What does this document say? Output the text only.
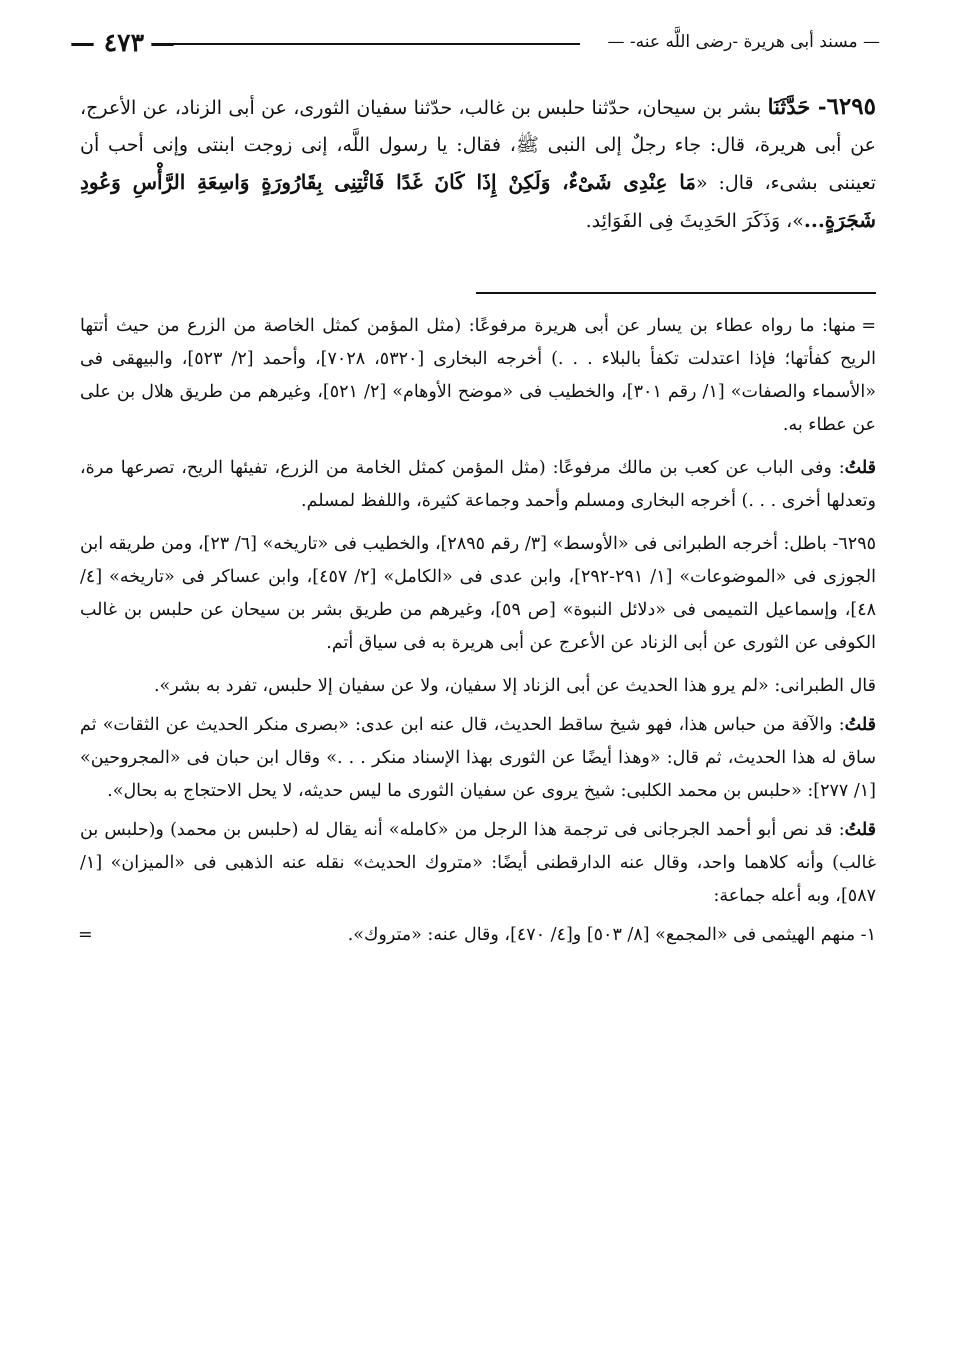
—٤٧٣ —	— مسند أبى هريرة -رضى اللَّه عنه- —
٦٢٩٥- حَدَّثَنَا بشر بن سيحان، حدّثنا حلبس بن غالب، حدّثنا سفيان الثورى، عن أبى الزناد، عن الأعرج، عن أبى هريرة، قال: جاء رجلٌ إلى النبى ﷺ، فقال: يا رسول اللَّه، إنى زوجت ابنتى وإنى أحب أن تعيننى بشىء، قال: «مَا عِنْدِى شَىْءٌ، وَلَكِنْ إِذَا كَانَ غَدًا فَائْتِنِى بِقَارُورَةٍ وَاسِعَةِ الرَّأْسِ وَعُودِ شَجَرَةٍ...»، وَذَكَرَ الحَدِيثَ فِى الفَوَائِد.

=منها: ما رواه عطاء بن يسار عن أبى هريرة مرفوعًا: (مثل المؤمن كمثل الخاصة من الزرع من حيث أتتها الريح كفأتها؛ فإذا اعتدلت تكفأ بالبلاء . . .) أخرجه البخارى [٥٣٢٠، ٧٠٢٨]، وأحمد [٢/ ٥٢٣]، والبيهقى فى «الأسماء والصفات» [١/ رقم ٣٠١]، والخطيب فى «موضح الأوهام» [٢/ ٥٢١]، وغيرهم من طريق هلال بن على عن عطاء به.

قلتُ: وفى الباب عن كعب بن مالك مرفوعًا: (مثل المؤمن كمثل الخامة من الزرع، تفيئها الريح، تصرعها مرة، وتعدلها أخرى . . .) أخرجه البخارى ومسلم وأحمد وجماعة كثيرة، واللفظ لمسلم.

٦٢٩٥- باطل: أخرجه الطبرانى فى «الأوسط» [٣/ رقم ٢٨٩٥]، والخطيب فى «تاريخه» [٦/ ٢٣]، ومن طريقه ابن الجوزى فى «الموضوعات» [١/ ٢٩١-٢٩٢]، وابن عدى فى «الكامل» [٢/ ٤٥٧]، وابن عساكر فى «تاريخه» [٤/ ٤٨]، وإسماعيل التميمى فى «دلائل النبوة» [ص ٥٩]، وغيرهم من طريق بشر بن سيحان عن حلبس بن غالب الكوفى عن الثورى عن أبى الزناد عن الأعرج عن أبى هريرة به فى سياق أتم.

قال الطبرانى: «لم يرو هذا الحديث عن أبى الزناد إلا سفيان، ولا عن سفيان إلا حلبس، تفرد به بشر».

قلتُ: والآفة من حباس هذا، فهو شيخ ساقط الحديث، قال عنه ابن عدى: «بصرى منكر الحديث عن الثقات» ثم ساق له هذا الحديث، ثم قال: «وهذا أيضًا عن الثورى بهذا الإسناد منكر . . .» وقال ابن حبان فى «المجروحين» [١/ ٢٧٧]: «حلبس بن محمد الكلبى: شيخ يروى عن سفيان الثورى ما ليس حديثه، لا يحل الاحتجاج به بحال».

قلتُ: قد نص أبو أحمد الجرجانى فى ترجمة هذا الرجل من «كامله» أنه يقال له (حلبس بن محمد) و(حلبس بن غالب) وأنه كلاهما واحد، وقال عنه الدارقطنى أيضًا: «متروك الحديث» نقله عنه الذهبى فى «الميزان» [١/ ٥٨٧]، وبه أعله جماعة:

١- منهم الهيثمى فى «المجمع» [٨/ ٥٠٣] و[٤/ ٤٧٠]، وقال عنه: «متروك».
=
